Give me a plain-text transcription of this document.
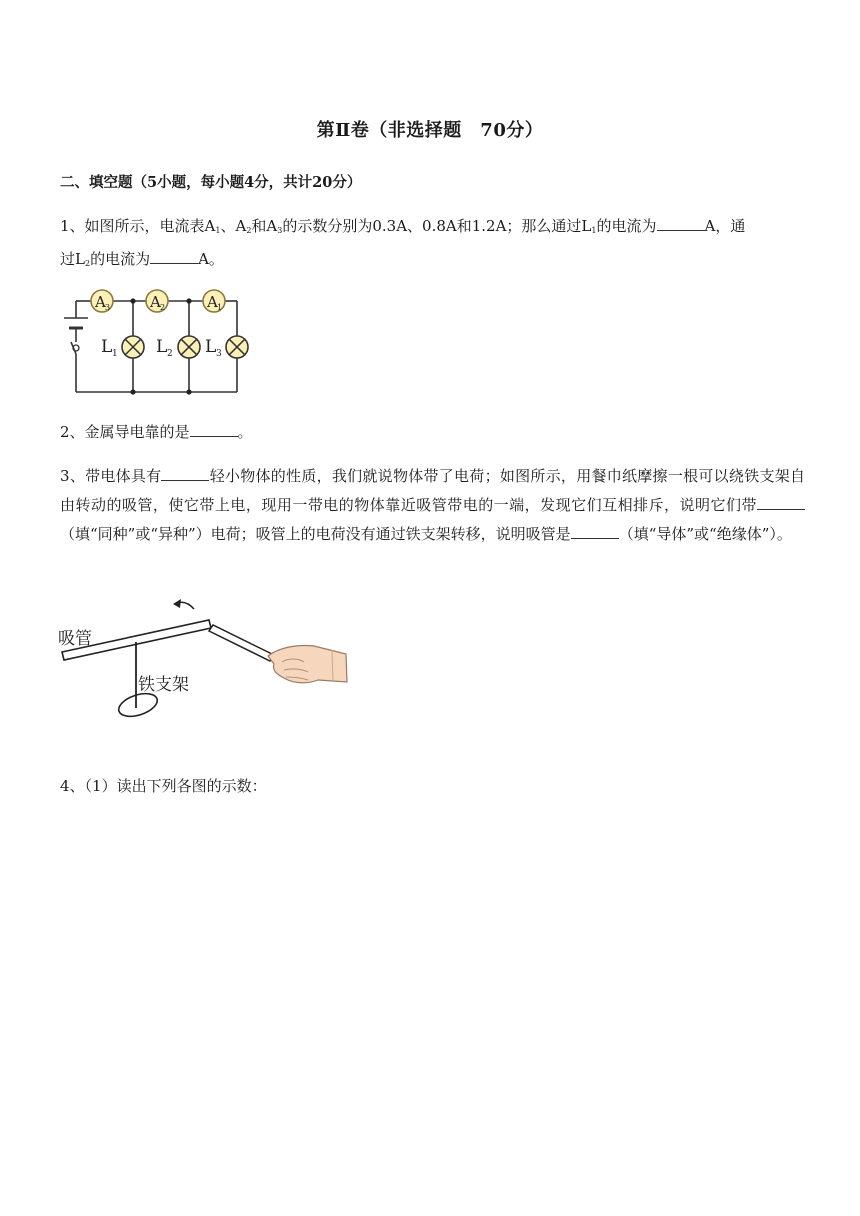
第Ⅱ卷（非选择题　70分）
二、填空题（5小题，每小题4分，共计20分）
1、如图所示，电流表$A_1$、$A_2$和$A_3$的示数分别为0.3A、0.8A和1.2A；那么通过$L_1$的电流为	A，通
过$L_2$的电流为	A。
A 3	A 2	A 1
L 1 L 2 L 3
2、金属导电靠的是	。
3、带电体具有	轻小物体的性质，我们就说物体带了电荷；如图所示，用餐巾纸摩擦一根可以绕铁支架自由转动的吸管，使它带上电，现用一带电的物体靠近吸管带电的一端，发现它们互相排斥，说明它们带（填“同种”或“异种”）电荷；吸管上的电荷没有通过铁支架转移，说明吸管是	（填“导体”或“绝缘体”）。
吸管
铁支架
4、（1）读出下列各图的示数：
